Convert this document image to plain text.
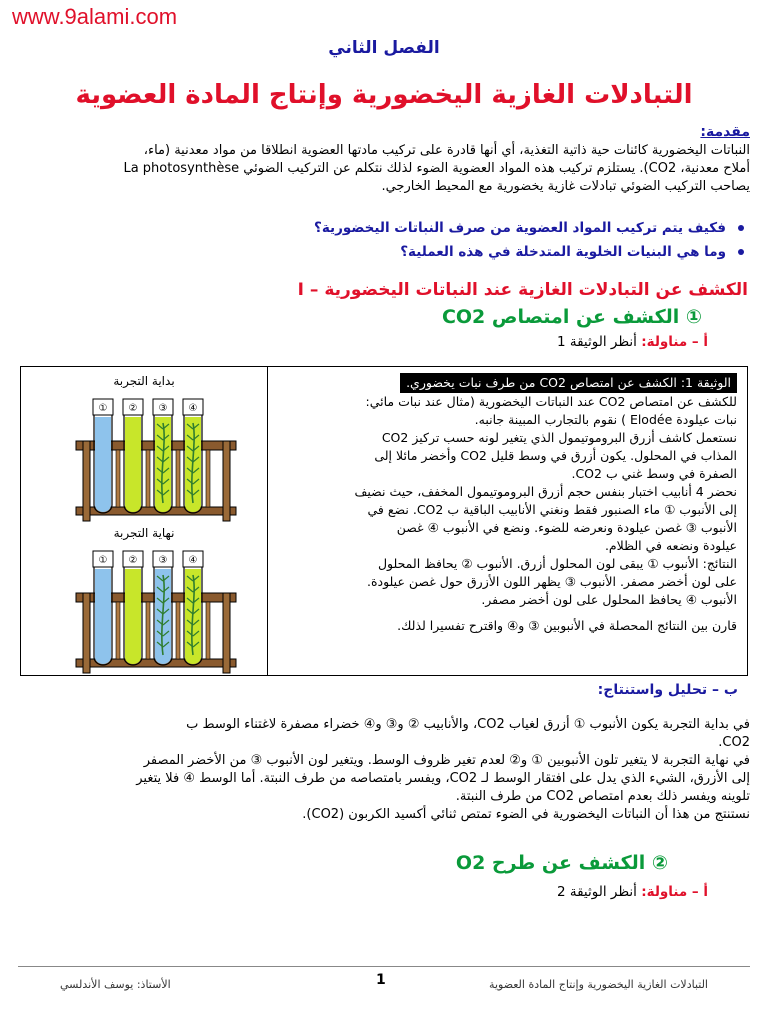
www.9alami.com
الفصل الثاني
التبادلات الغازية اليخضورية وإنتاج المادة العضوية
مقدمة:
النباتات اليخضورية كائنات حية ذاتية التغذية، أي أنها قادرة على تركيب مادتها العضوية انطلاقا من مواد معدنية (ماء،
أملاح معدنية، CO2). يستلزم تركيب هذه المواد العضوية الضوء لذلك نتكلم عن التركيب الضوئي La photosynthèse
يصاحب التركيب الضوئي تبادلات غازية يخضورية مع المحيط الخارجي.
فكيف يتم تركيب المواد العضوية من صرف النباتات اليخضورية؟
وما هي البنيات الخلوية المتدخلة في هذه العملية؟
I – الكشف عن التبادلات الغازية عند النباتات اليخضورية
① الكشف عن امتصاص CO2
أ – مناولة: أنظر الوثيقة 1
بداية التجربة
نهاية التجربة
① ② ③ ④
① ② ③ ④
الوثيقة 1: الكشف عن امتصاص CO2 من طرف نبات يخضوري.
للكشف عن امتصاص CO2 عند النباتات اليخضورية (مثال عند نبات مائي:
نبات عيلودة Elodée ) نقوم بالتجارب المبينة جانبه.
نستعمل كاشف أزرق البروموتيمول الذي يتغير لونه حسب تركيز CO2
المذاب في المحلول. يكون أزرق في وسط قليل CO2 وأخضر مائلا إلى
الصفرة في وسط غني ب CO2.
نحضر 4 أنابيب اختبار بنفس حجم أزرق البروموتيمول المخفف، حيث نضيف
إلى الأنبوب ① ماء الصنبور فقط ونغني الأنابيب الباقية ب CO2. نضع في
الأنبوب ③ غصن عيلودة ونعرضه للضوء. ونضع في الأنبوب ④ غصن
عيلودة ونضعه في الظلام.
النتائج: الأنبوب ① يبقى لون المحلول أزرق. الأنبوب ② يحافظ المحلول
على لون أخضر مصفر. الأنبوب ③ يظهر اللون الأزرق حول غصن عيلودة.
الأنبوب ④ يحافظ المحلول على لون أخضر مصفر.
قارن بين النتائج المحصلة في الأنبوبين ③ و④ واقترح تفسيرا لذلك.
ب – تحليل واستنتاج:
في بداية التجربة يكون الأنبوب ① أزرق لغياب CO2، والأنابيب ② و③ و④ خضراء مصفرة لاغتناء الوسط ب
CO2.
في نهاية التجربة لا يتغير تلون الأنبوبين ① و② لعدم تغير ظروف الوسط. ويتغير لون الأنبوب ③ من الأخضر المصفر
إلى الأزرق، الشيء الذي يدل على افتقار الوسط لـ CO2، ويفسر بامتصاصه من طرف النبتة. أما الوسط ④ فلا يتغير
تلوينه ويفسر ذلك بعدم امتصاص CO2 من طرف النبتة.
نستنتج من هذا أن النباتات اليخضورية في الضوء تمتص ثنائي أكسيد الكربون (CO2).
② الكشف عن طرح O2
أ – مناولة: أنظر الوثيقة 2
الأستاذ: يوسف الأندلسي	1	التبادلات الغازية اليخضورية وإنتاج المادة العضوية
